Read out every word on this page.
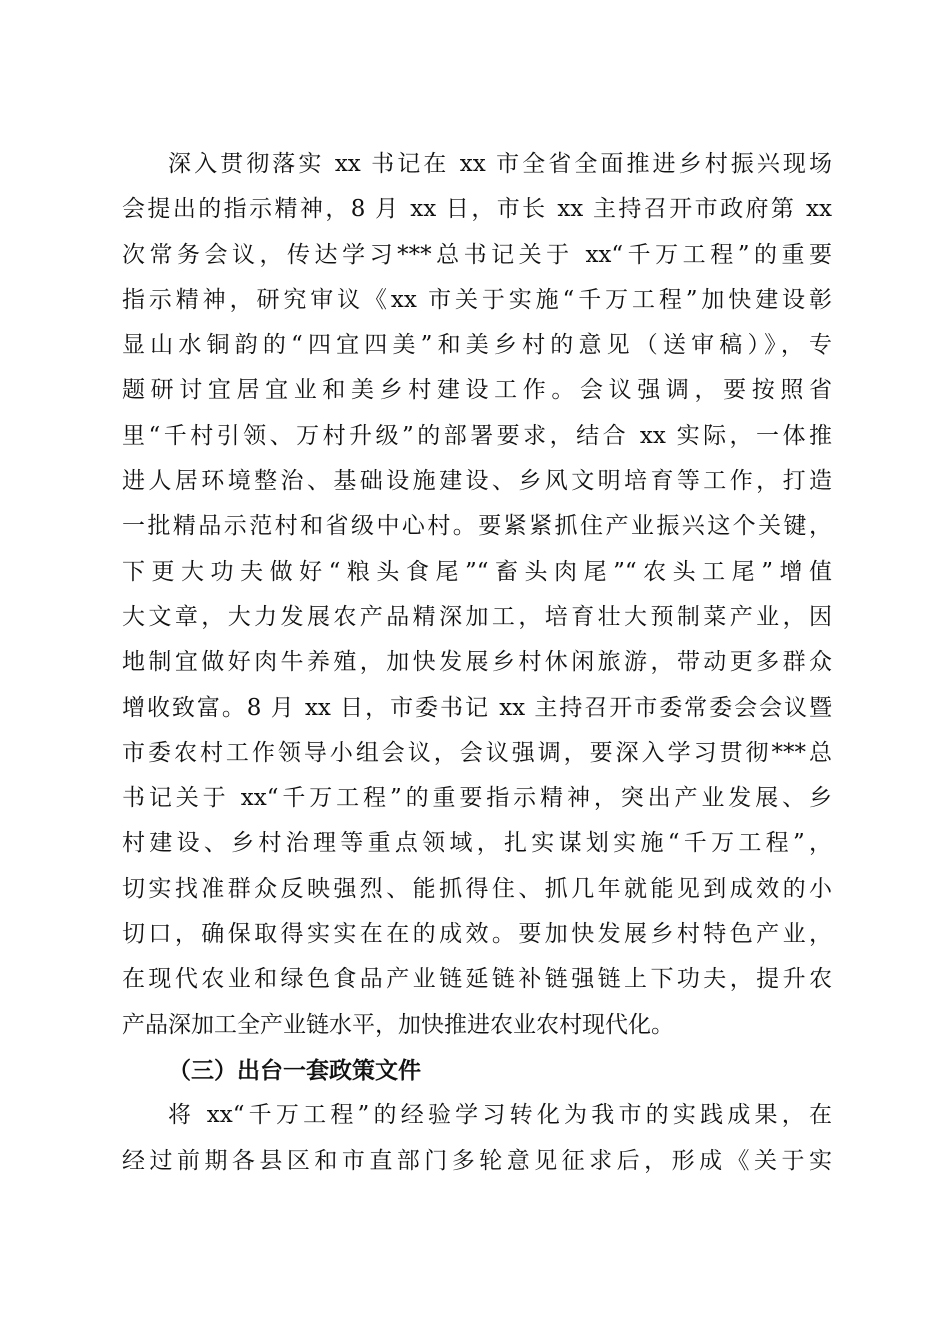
深入贯彻落实 xx 书记在 xx 市全省全面推进乡村振兴现场
会提出的指示精神，8 月 xx 日，市长 xx 主持召开市政府第 xx
次常务会议，传达学习***总书记关于 xx“千万工程”的重要
指示精神，研究审议《xx 市关于实施“千万工程”加快建设彰
显山水铜韵的“四宜四美”和美乡村的意见（送审稿）》，专
题研讨宜居宜业和美乡村建设工作。会议强调，要按照省
里“千村引领、万村升级”的部署要求，结合 xx 实际，一体推
进人居环境整治、基础设施建设、乡风文明培育等工作，打造
一批精品示范村和省级中心村。要紧紧抓住产业振兴这个关键，
下更大功夫做好“粮头食尾”“畜头肉尾”“农头工尾”增值
大文章，大力发展农产品精深加工，培育壮大预制菜产业，因
地制宜做好肉牛养殖，加快发展乡村休闲旅游，带动更多群众
增收致富。8 月 xx 日，市委书记 xx 主持召开市委常委会会议暨
市委农村工作领导小组会议，会议强调，要深入学习贯彻***总
书记关于 xx“千万工程”的重要指示精神，突出产业发展、乡
村建设、乡村治理等重点领域，扎实谋划实施“千万工程”，
切实找准群众反映强烈、能抓得住、抓几年就能见到成效的小
切口，确保取得实实在在的成效。要加快发展乡村特色产业，
在现代农业和绿色食品产业链延链补链强链上下功夫，提升农
产品深加工全产业链水平，加快推进农业农村现代化。
（三）出台一套政策文件
将 xx“千万工程”的经验学习转化为我市的实践成果，在
经过前期各县区和市直部门多轮意见征求后，形成《关于实
